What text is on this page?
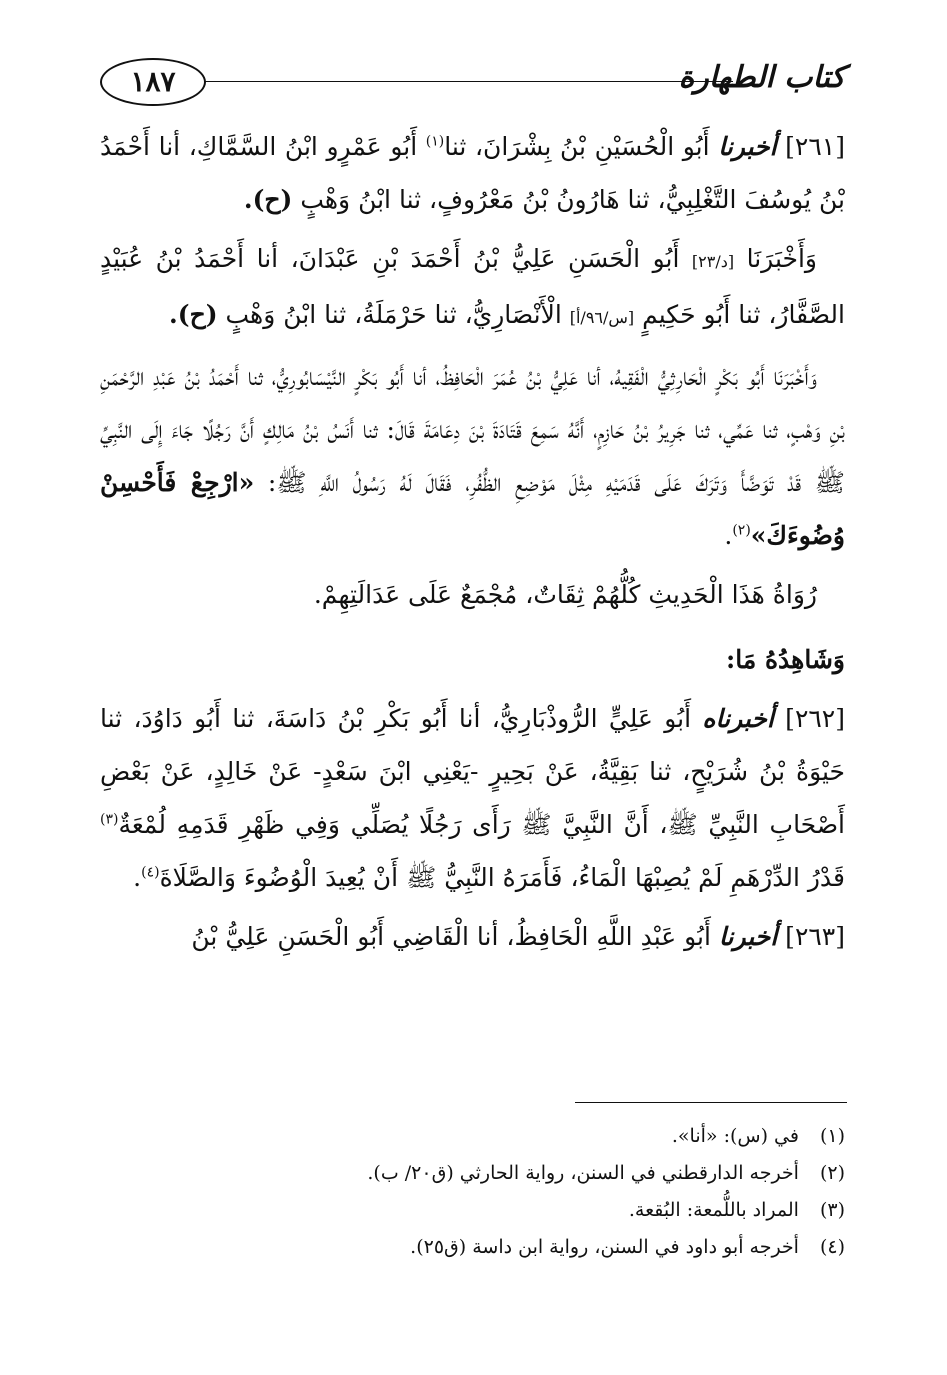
١٨٧	كتاب الطهارة

[٢٦١] أخبرنا أَبُو الْحُسَيْنِ بْنُ بِشْرَانَ، ثنا$^{(١)}$ أَبُو عَمْرٍو ابْنُ السَّمَّاكِ، أنا أَحْمَدُ بْنُ يُوسُفَ التَّغْلِبِيُّ، ثنا هَارُونُ بْنُ مَعْرُوفٍ، ثنا ابْنُ وَهْبٍ (ح).

وَأَخْبَرَنَا [د/٢٣] أَبُو الْحَسَنِ عَلِيُّ بْنُ أَحْمَدَ بْنِ عَبْدَانَ، أنا أَحْمَدُ بْنُ عُبَيْدٍ الصَّفَّارُ، ثنا أَبُو حَكِيمٍ [س/٩٦/أ] الْأَنْصَارِيُّ، ثنا حَرْمَلَةُ، ثنا ابْنُ وَهْبٍ (ح).

وَأَخْبَرَنَا أَبُو بَكْرٍ الْحَارِثِيُّ الْفَقِيهُ، أنا عَلِيُّ بْنُ عُمَرَ الْحَافِظُ، أنا أَبُو بَكْرٍ النَّيْسَابُورِيُّ، ثنا أَحْمَدُ بْنُ عَبْدِ الرَّحْمَنِ بْنِ وَهْبٍ، ثنا عَمِّي، ثنا جَرِيرُ بْنُ حَازِمٍ، أَنَّهُ سَمِعَ قَتَادَةَ بْنَ دِعَامَةَ قَالَ: ثنا أَنَسُ بْنُ مَالِكٍ أَنَّ رَجُلًا جَاءَ إِلَى النَّبِيِّ ﷺ قَدْ تَوَضَّأَ وَتَرَكَ عَلَى قَدَمَيْهِ مِثْلَ مَوْضِعِ الظُّفُرِ، فَقَالَ لَهُ رَسُولُ اللَّهِ ﷺ: «ارْجِعْ فَأَحْسِنْ وُضُوءَكَ»$^{(٢)}$.

رُوَاةُ هَذَا الْحَدِيثِ كُلُّهُمْ ثِقَاتٌ، مُجْمَعٌ عَلَى عَدَالَتِهِمْ.

وَشَاهِدُهُ مَا:

[٢٦٢] أخبرناه أَبُو عَلِيٍّ الرُّوذْبَارِيُّ، أنا أَبُو بَكْرِ بْنُ دَاسَةَ، ثنا أَبُو دَاوُدَ، ثنا حَيْوَةُ بْنُ شُرَيْحٍ، ثنا بَقِيَّةُ، عَنْ بَحِيرٍ -يَعْنِي ابْنَ سَعْدٍ- عَنْ خَالِدٍ، عَنْ بَعْضِ أَصْحَابِ النَّبِيِّ ﷺ، أَنَّ النَّبِيَّ ﷺ رَأَى رَجُلًا يُصَلِّي وَفِي ظَهْرِ قَدَمِهِ لُمْعَةٌ$^{(٣)}$ قَدْرُ الدِّرْهَمِ لَمْ يُصِبْهَا الْمَاءُ، فَأَمَرَهُ النَّبِيُّ ﷺ أَنْ يُعِيدَ الْوُضُوءَ وَالصَّلَاةَ$^{(٤)}$.

[٢٦٣] أخبرنا أَبُو عَبْدِ اللَّهِ الْحَافِظُ، أنا الْقَاضِي أَبُو الْحَسَنِ عَلِيُّ بْنُ

(١) في (س): «أنا».

(٢) أخرجه الدارقطني في السنن، رواية الحارثي (ق٢٠/ ب).

(٣) المراد باللُّمعة: البُقعة.

(٤) أخرجه أبو داود في السنن، رواية ابن داسة (ق٢٥).
